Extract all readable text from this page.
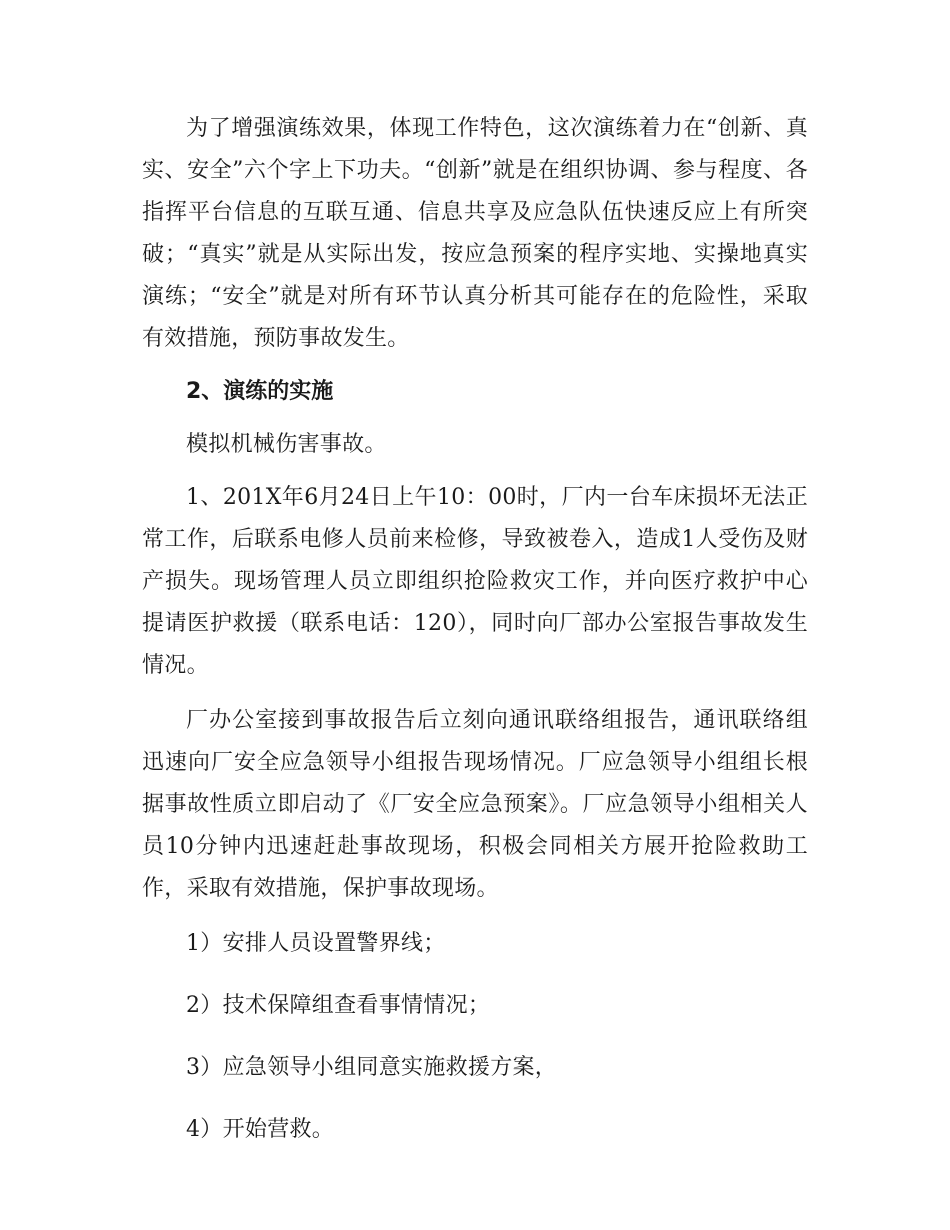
为了增强演练效果，体现工作特色，这次演练着力在“创新、真实、安全”六个字上下功夫。“创新”就是在组织协调、参与程度、各指挥平台信息的互联互通、信息共享及应急队伍快速反应上有所突破；“真实”就是从实际出发，按应急预案的程序实地、实操地真实演练；“安全”就是对所有环节认真分析其可能存在的危险性，采取有效措施，预防事故发生。

2、演练的实施

模拟机械伤害事故。

1、201X年6月24日上午10：00时，厂内一台车床损坏无法正常工作，后联系电修人员前来检修，导致被卷入，造成1人受伤及财产损失。现场管理人员立即组织抢险救灾工作，并向医疗救护中心提请医护救援（联系电话：120），同时向厂部办公室报告事故发生情况。

厂办公室接到事故报告后立刻向通讯联络组报告，通讯联络组迅速向厂安全应急领导小组报告现场情况。厂应急领导小组组长根据事故性质立即启动了《厂安全应急预案》。厂应急领导小组相关人员10分钟内迅速赶赴事故现场，积极会同相关方展开抢险救助工作，采取有效措施，保护事故现场。

1）安排人员设置警界线；

2）技术保障组查看事情情况；

3）应急领导小组同意实施救援方案，

4）开始营救。
